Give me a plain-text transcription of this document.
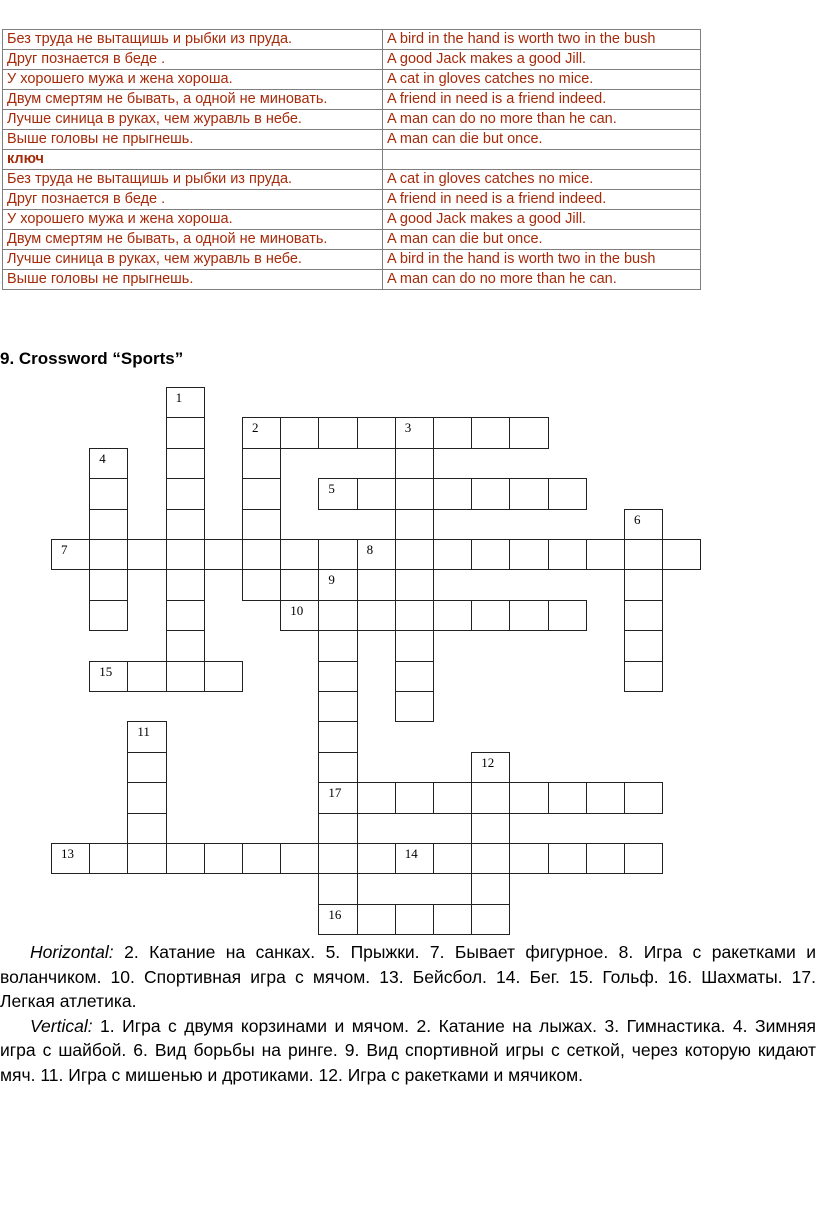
Без труда не вытащишь и рыбки из пруда.	A bird in the hand is worth two in the bush
Друг познается в беде .	A good Jack makes a good Jill.
У хорошего мужа и жена хороша.	A cat in gloves catches no mice.
Двум смертям не бывать, а одной не миновать.	A friend in need is a friend indeed.
Лучше синица в руках, чем журавль в небе.	A man can do no more than he can.
Выше головы не прыгнешь.	A man can die but once.
ключ	
Без труда не вытащишь и рыбки из пруда.	A cat in gloves catches no mice.
Друг познается в беде .	A friend in need is a friend indeed.
У хорошего мужа и жена хороша.	A good Jack makes a good Jill.
Двум смертям не бывать, а одной не миновать.	A man can die but once.
Лучше синица в руках, чем журавль в небе.	A bird in the hand is worth two in the bush
Выше головы не прыгнешь.	A man can do no more than he can.
9. Crossword “Sports”
2	3
5
7	8
10
15
17
13	14
16
1
4
6
9
11
12

Horizontal: 2. Катание на санках. 5. Прыжки. 7. Бывает фигурное. 8. Игра с ракетками и воланчиком. 10. Спортивная игра с мячом. 13. Бейсбол. 14. Бег. 15. Гольф. 16. Шахматы. 17. Легкая атлетика.

Vertical: 1. Игра с двумя корзинами и мячом. 2. Катание на лыжах. 3. Гимнастика. 4. Зимняя игра с шайбой. 6. Вид борьбы на ринге. 9. Вид спортивной игры с сеткой, через которую кидают мяч. 11. Игра с мишенью и дротиками. 12. Игра с ракетками и мячиком.
